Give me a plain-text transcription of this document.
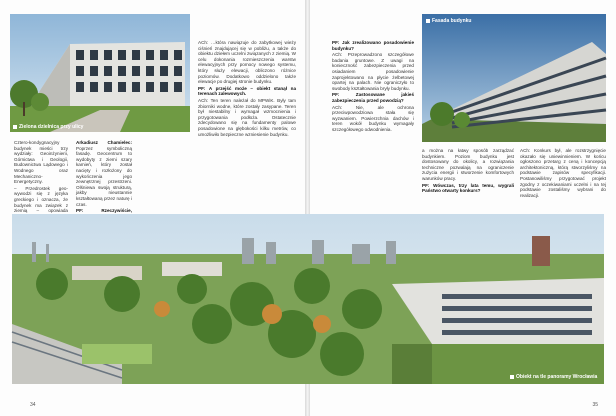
Zielona dzielnica przy ulicy

Cztero-kondygnacyjny budynek mieści trzy wydziały: Geoinżynierii, Górnictwa i Geologii, Budownictwa Lądowego i Wodnego oraz Mechaniczno-Energetyczny.

– Przedrostek geo- wywodzi się z języka greckiego i oznacza, że budynek ma związek z ziemią – opowiada

Arkadiusz Chamielec: Poprzez symboliczną fasadę. Geocentrum to wydobyty z ziemi szary kamień, który został nacięty i rozłożony do wykończenia jego zewnętrznej przestrzeni. Olśniewa swoją strukturą, jakby nieustannie kształtowaną przez naturę i czas.

PF: Rzeczywiście,

ACh: …która nawiązuje do zabytkowej wieży ciśnień znajdującej się w pobliżu, a także do obiektu dziełem uczelni związanych z ziemią. W celu dokonania rozmieszczenia warstw elewacyjnych przy pomocy nowego systemu, który służy elewacji, obliczono różnice poziomów. Dodatkowo oddzielono także elewacje po drugiej stronie budynku.

PF: A przejść może – obiekt stanął na terenach zalewowych.

ACh: Ten teren należał do MPWiK. Były tam zbiorniki wodne, które zostały zasypane. Teren był niestabilny i wymagał wzmocnienia i przygotowania podłoża. Ostatecznie zdecydowano się na fundamenty palowe posadowione na głębokości kilku metrów, co umożliwiło bezpieczne wzniesienie budynku.

34

PF: Jak zrealizowano posadowienie budynku?

ACh: Przeprowadzono szczegółowe badania gruntowe. Z uwagi na konieczność zabezpieczenia przed osiadaniem posadowienie zaprojektowano na płycie żelbetowej opartej na palach. Nie ograniczyło to swobody kształtowania bryły budynku.

PF: Zastosowane jakieś zabezpieczenia przed powodzią?

ACh: Nie, ale ochrona przeciwpowodziowa stała się wyzwaniem. Powierzchnia dachów i teren wokół budynku wymagały szczegółowego odwodnienia.

Fasada budynku

a można na łatwy sposób zarządzać budynkiem. Poziom budynku jest dostosowany do okolicy, a rozwiązania techniczne pozwalają na ograniczenie zużycia energii i stworzenie komfortowych warunków pracy.

PF: Wówczas, trzy lata temu, wygrali Państwo otwarty konkurs?

ACh: Konkurs był, ale rozstrzygnięcie okazało się uniewinnieniem. W końcu ogłoszono przetarg z ceną i koncepcją architektoniczną, którą stworzyliśmy na podstawie zapisów specyfikacji. Postanowiliśmy przygotować projekt zgodny z oczekiwaniami uczelni i na tej podstawie zostaliśmy wybrani do realizacji.

35
Obiekt na tle panoramy Wrocławia
